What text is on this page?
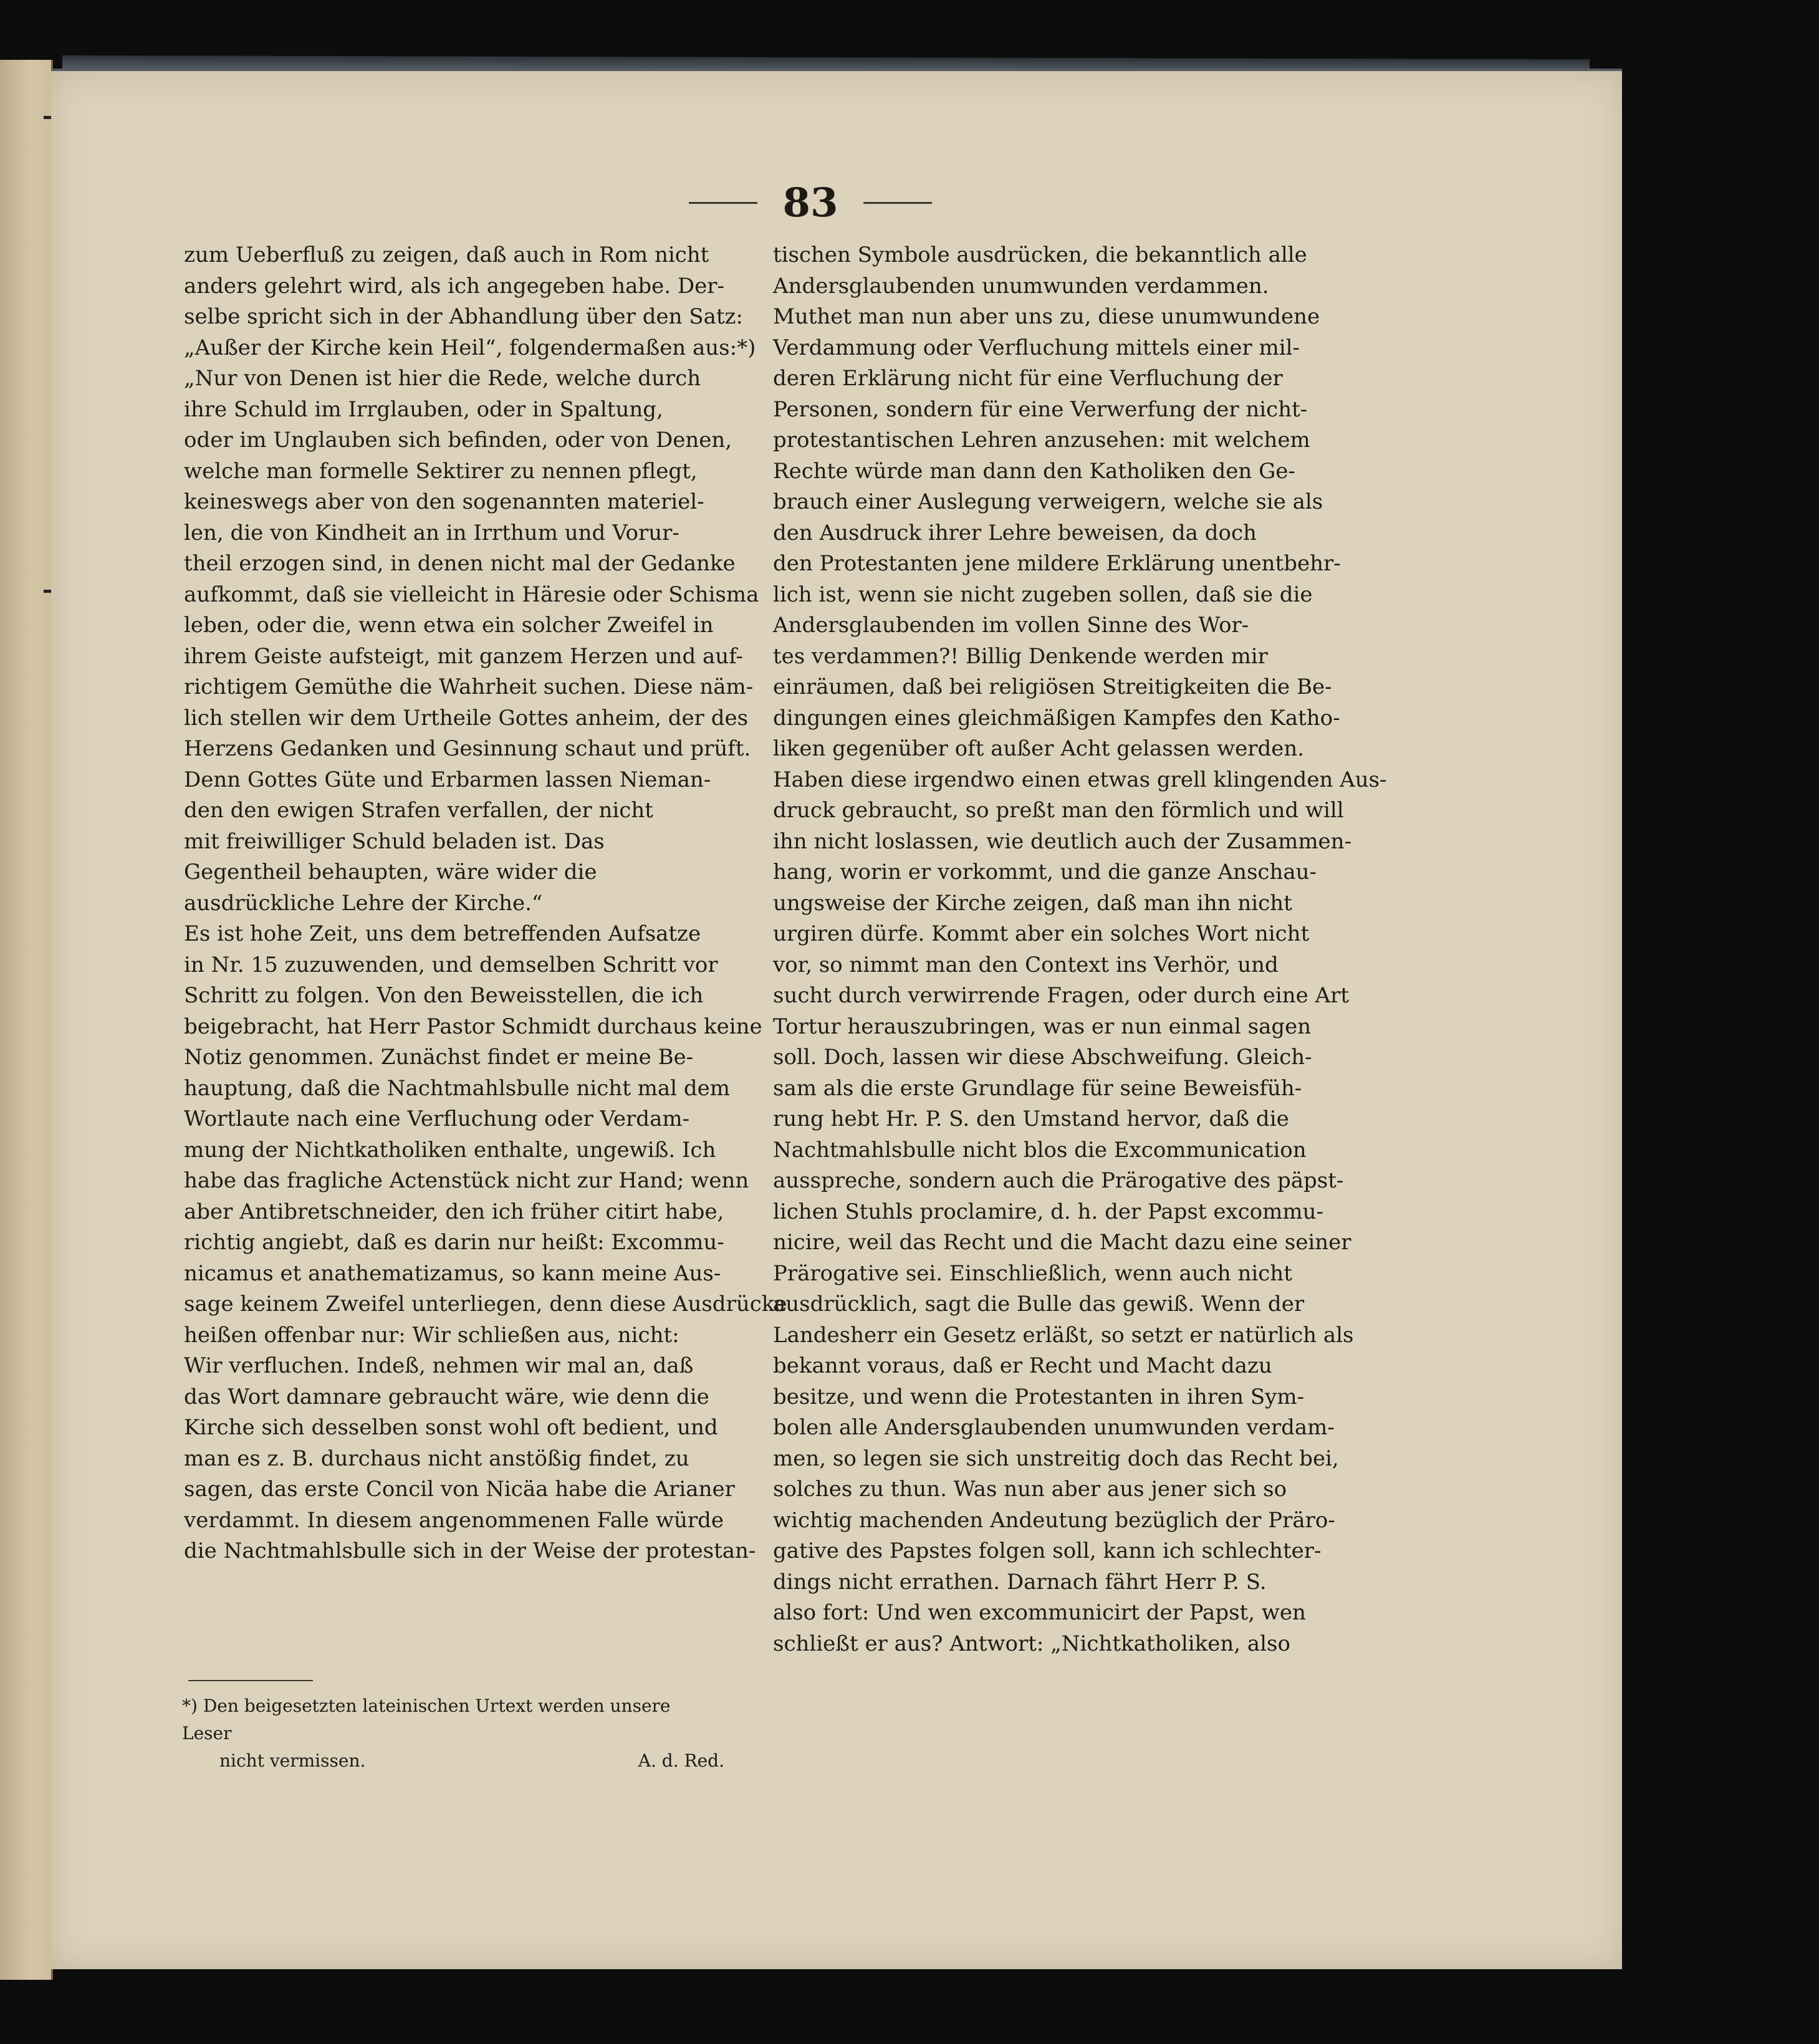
83
zum Ueberfluß zu zeigen, daß auch in Rom nicht
anders gelehrt wird, als ich angegeben habe. Der-
selbe spricht sich in der Abhandlung über den Satz:
„Außer der Kirche kein Heil“, folgendermaßen aus:*)
„Nur von Denen ist hier die Rede, welche durch
ihre Schuld im Irrglauben, oder in Spaltung,
oder im Unglauben sich befinden, oder von Denen,
welche man formelle Sektirer zu nennen pflegt,
keineswegs aber von den sogenannten materiel-
len, die von Kindheit an in Irrthum und Vorur-
theil erzogen sind, in denen nicht mal der Gedanke
aufkommt, daß sie vielleicht in Häresie oder Schisma
leben, oder die, wenn etwa ein solcher Zweifel in
ihrem Geiste aufsteigt, mit ganzem Herzen und auf-
richtigem Gemüthe die Wahrheit suchen. Diese näm-
lich stellen wir dem Urtheile Gottes anheim, der des
Herzens Gedanken und Gesinnung schaut und prüft.
Denn Gottes Güte und Erbarmen lassen Nieman-
den den ewigen Strafen verfallen, der nicht
mit freiwilliger Schuld beladen ist. Das
Gegentheil behaupten, wäre wider die
ausdrückliche Lehre der Kirche.“
Es ist hohe Zeit, uns dem betreffenden Aufsatze
in Nr. 15 zuzuwenden, und demselben Schritt vor
Schritt zu folgen. Von den Beweisstellen, die ich
beigebracht, hat Herr Pastor Schmidt durchaus keine
Notiz genommen. Zunächst findet er meine Be-
hauptung, daß die Nachtmahlsbulle nicht mal dem
Wortlaute nach eine Verfluchung oder Verdam-
mung der Nichtkatholiken enthalte, ungewiß. Ich
habe das fragliche Actenstück nicht zur Hand; wenn
aber Antibretschneider, den ich früher citirt habe,
richtig angiebt, daß es darin nur heißt: Excommu-
nicamus et anathematizamus, so kann meine Aus-
sage keinem Zweifel unterliegen, denn diese Ausdrücke
heißen offenbar nur: Wir schließen aus, nicht:
Wir verfluchen. Indeß, nehmen wir mal an, daß
das Wort damnare gebraucht wäre, wie denn die
Kirche sich desselben sonst wohl oft bedient, und
man es z. B. durchaus nicht anstößig findet, zu
sagen, das erste Concil von Nicäa habe die Arianer
verdammt. In diesem angenommenen Falle würde
die Nachtmahlsbulle sich in der Weise der protestan-
tischen Symbole ausdrücken, die bekanntlich alle
Andersglaubenden unumwunden verdammen.
Muthet man nun aber uns zu, diese unumwundene
Verdammung oder Verfluchung mittels einer mil-
deren Erklärung nicht für eine Verfluchung der
Personen, sondern für eine Verwerfung der nicht-
protestantischen Lehren anzusehen: mit welchem
Rechte würde man dann den Katholiken den Ge-
brauch einer Auslegung verweigern, welche sie als
den Ausdruck ihrer Lehre beweisen, da doch
den Protestanten jene mildere Erklärung unentbehr-
lich ist, wenn sie nicht zugeben sollen, daß sie die
Andersglaubenden im vollen Sinne des Wor-
tes verdammen?! Billig Denkende werden mir
einräumen, daß bei religiösen Streitigkeiten die Be-
dingungen eines gleichmäßigen Kampfes den Katho-
liken gegenüber oft außer Acht gelassen werden.
Haben diese irgendwo einen etwas grell klingenden Aus-
druck gebraucht, so preßt man den förmlich und will
ihn nicht loslassen, wie deutlich auch der Zusammen-
hang, worin er vorkommt, und die ganze Anschau-
ungsweise der Kirche zeigen, daß man ihn nicht
urgiren dürfe. Kommt aber ein solches Wort nicht
vor, so nimmt man den Context ins Verhör, und
sucht durch verwirrende Fragen, oder durch eine Art
Tortur herauszubringen, was er nun einmal sagen
soll. Doch, lassen wir diese Abschweifung. Gleich-
sam als die erste Grundlage für seine Beweisfüh-
rung hebt Hr. P. S. den Umstand hervor, daß die
Nachtmahlsbulle nicht blos die Excommunication
ausspreche, sondern auch die Prärogative des päpst-
lichen Stuhls proclamire, d. h. der Papst excommu-
nicire, weil das Recht und die Macht dazu eine seiner
Prärogative sei. Einschließlich, wenn auch nicht
ausdrücklich, sagt die Bulle das gewiß. Wenn der
Landesherr ein Gesetz erläßt, so setzt er natürlich als
bekannt voraus, daß er Recht und Macht dazu
besitze, und wenn die Protestanten in ihren Sym-
bolen alle Andersglaubenden unumwunden verdam-
men, so legen sie sich unstreitig doch das Recht bei,
solches zu thun. Was nun aber aus jener sich so
wichtig machenden Andeutung bezüglich der Präro-
gative des Papstes folgen soll, kann ich schlechter-
dings nicht errathen. Darnach fährt Herr P. S.
also fort: Und wen excommunicirt der Papst, wen
schließt er aus? Antwort: „Nichtkatholiken, also
*) Den beigesetzten lateinischen Urtext werden unsere Leser
nicht vermissen.	A. d. Red.
